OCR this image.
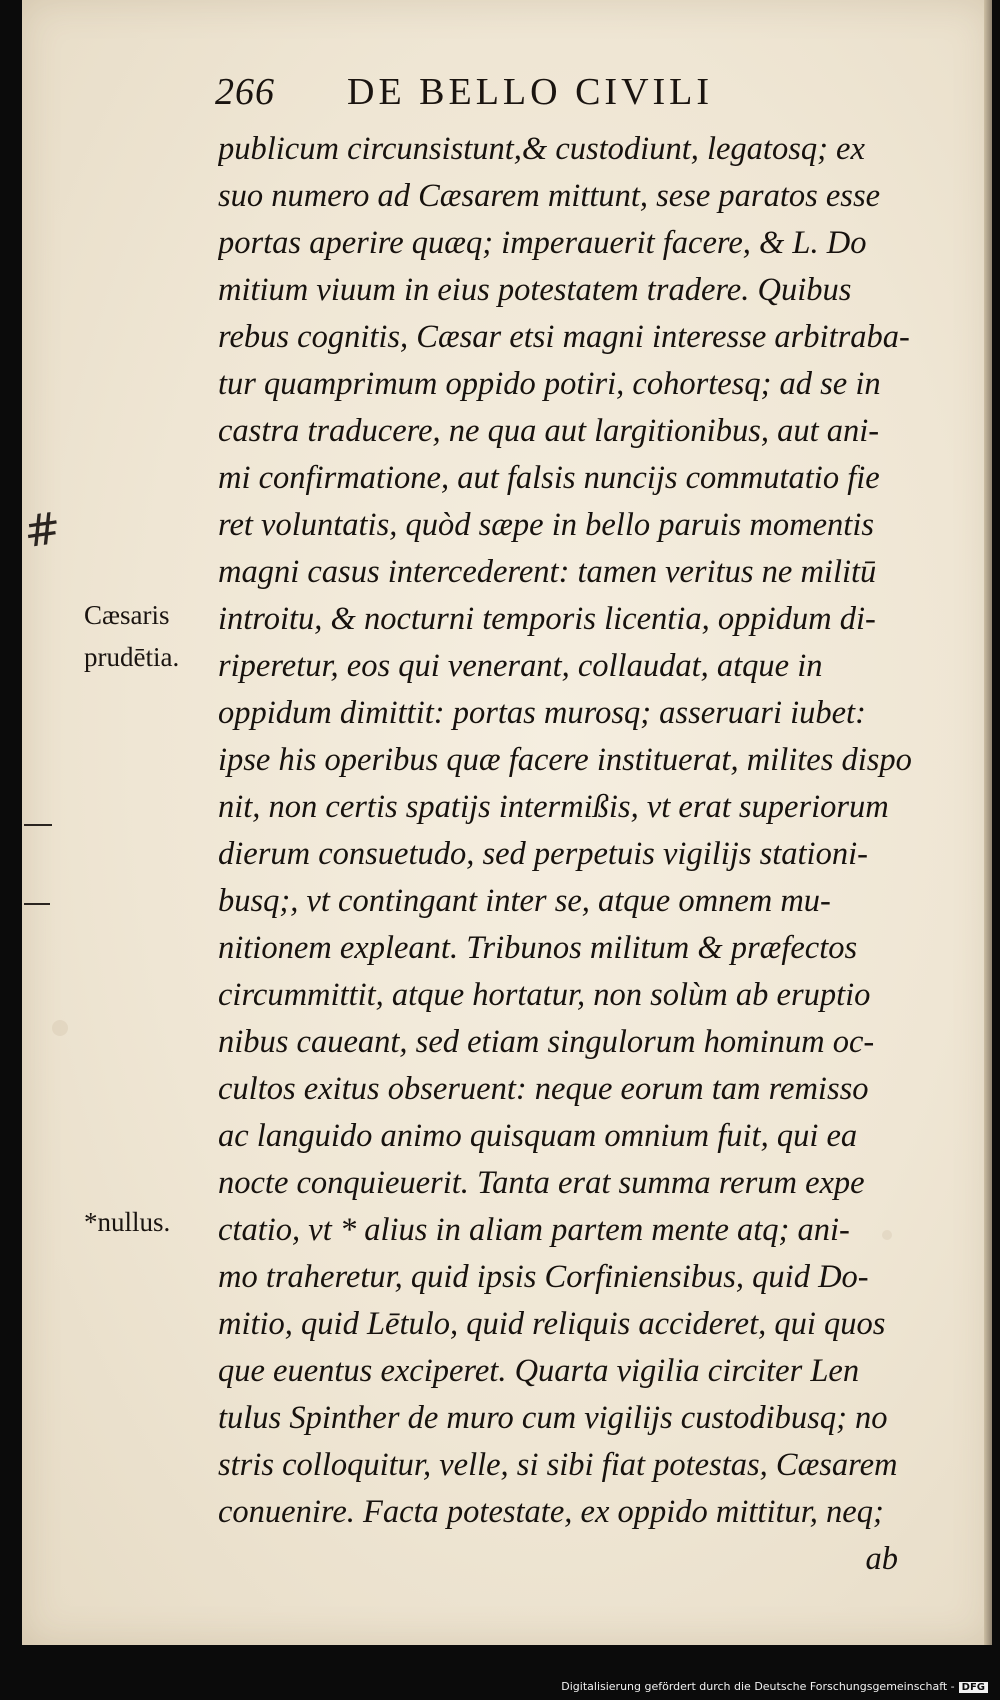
#
266 DE BELLO CIVILI
publicum circunsistunt,& custodiunt, legatosq; ex
suo numero ad Cæsarem mittunt, sese paratos esse
portas aperire quæq; imperauerit facere, & L. Do
mitium viuum in eius potestatem tradere. Quibus
rebus cognitis, Cæsar etsi magni interesse arbitraba-
tur quamprimum oppido potiri, cohortesq; ad se in
castra traducere, ne qua aut largitionibus, aut ani-
mi confirmatione, aut falsis nuncijs commutatio fie
ret voluntatis, quòd sæpe in bello paruis momentis
magni casus intercederent: tamen veritus ne militū
introitu, & nocturni temporis licentia, oppidum di-
riperetur, eos qui venerant, collaudat, atque in
oppidum dimittit: portas murosq; asseruari iubet:
ipse his operibus quæ facere instituerat, milites dispo
nit, non certis spatijs intermißis, vt erat superiorum
dierum consuetudo, sed perpetuis vigilijs stationi-
busq;, vt contingant inter se, atque omnem mu-
nitionem expleant. Tribunos militum & præfectos
circummittit, atque hortatur, non solùm ab eruptio
nibus caueant, sed etiam singulorum hominum oc-
cultos exitus obseruent: neque eorum tam remisso
ac languido animo quisquam omnium fuit, qui ea
nocte conquieuerit. Tanta erat summa rerum expe
ctatio, vt * alius in aliam partem mente atq; ani-
mo traheretur, quid ipsis Corfiniensibus, quid Do-
mitio, quid Lētulo, quid reliquis accideret, qui quos
que euentus exciperet. Quarta vigilia circiter Len
tulus Spinther de muro cum vigilijs custodibusq; no
stris colloquitur, velle, si sibi fiat potestas, Cæsarem
conuenire. Facta potestate, ex oppido mittitur, neq;
ab
Cæsaris
prudētia.
*nullus.
Digitalisierung gefördert durch die Deutsche Forschungsgemeinschaft - DFG
